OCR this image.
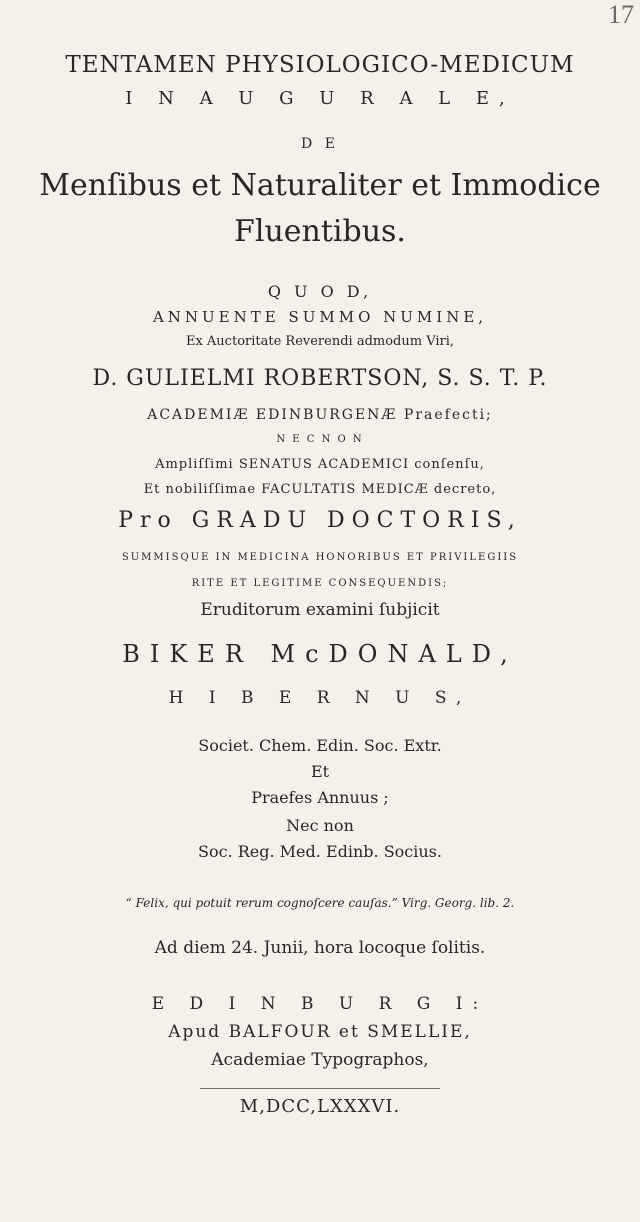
17
TENTAMEN PHYSIOLOGICO-MEDICUM
I N A U G U R A L E,
D E
Menſibus et Naturaliter et Immodice
Fluentibus.
Q U O D,
ANNUENTE SUMMO NUMINE,
Ex Auctoritate Reverendi admodum Viri,
D. GULIELMI ROBERTSON, S. S. T. P.
ACADEMIÆ EDINBURGENÆ Praefecti;
N E C N O N
Ampliſſimi SENATUS ACADEMICI conſenſu,
Et nobiliſſimae FACULTATIS MEDICÆ decreto,
Pro GRADU DOCTORIS,
SUMMISQUE IN MEDICINA HONORIBUS ET PRIVILEGIIS
RITE ET LEGITIME CONSEQUENDIS;
Eruditorum examini ſubjicit
BIKER McDONALD,
H I B E R N U S,
Societ. Chem. Edin. Soc. Extr.
Et
Praefes Annuus ;
Nec non
Soc. Reg. Med. Edinb. Socius.
“ Felix, qui potuit rerum cognoſcere cauſas.” Virg. Georg. lib. 2.
Ad diem 24. Junii, hora locoque ſolitis.
E D I N B U R G I:
Apud BALFOUR et SMELLIE,
Academiae Typographos,
M,DCC,LXXXVI.
